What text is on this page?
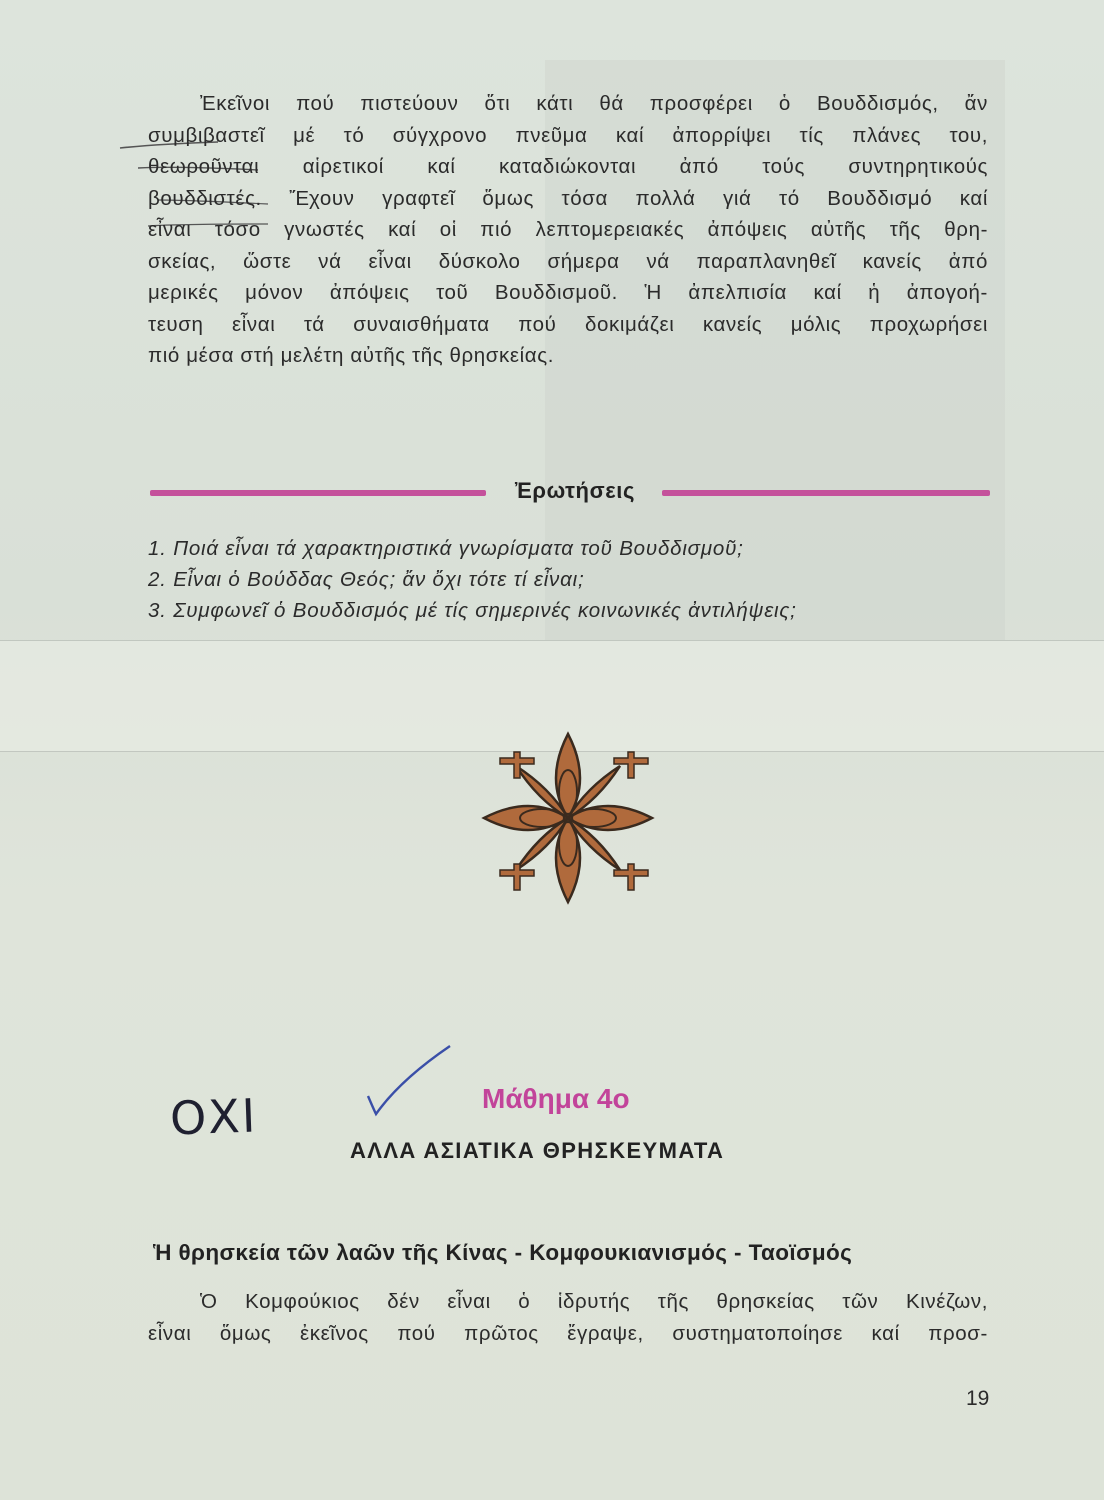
Ἐκεῖνοι πού πιστεύουν ὅτι κάτι θά προσφέρει ὁ Βουδδισμός, ἄν
συμβιβαστεῖ μέ τό σύγχρονο πνεῦμα καί ἀπορρίψει τίς πλάνες του,
θεωροῦνται αἱρετικοί καί καταδιώκονται ἀπό τούς συντηρητικούς
βουδδιστές. Ἔχουν γραφτεῖ ὅμως τόσα πολλά γιά τό Βουδδισμό καί
εἶναι τόσο γνωστές καί οἱ πιό λεπτομερειακές ἀπόψεις αὐτῆς τῆς θρη-
σκείας, ὥστε νά εἶναι δύσκολο σήμερα νά παραπλανηθεῖ κανείς ἀπό
μερικές μόνον ἀπόψεις τοῦ Βουδδισμοῦ. Ἡ ἀπελπισία καί ἡ ἀπογοή-
τευση εἶναι τά συναισθήματα πού δοκιμάζει κανείς μόλις προχωρήσει
πιό μέσα στή μελέτη αὐτῆς τῆς θρησκείας.

Ἐρωτήσεις
1. Ποιά εἶναι τά χαρακτηριστικά γνωρίσματα τοῦ Βουδδισμοῦ;
2. Εἶναι ὁ Βούδδας Θεός; ἄν ὄχι τότε τί εἶναι;
3. Συμφωνεῖ ὁ Βουδδισμός μέ τίς σημερινές κοινωνικές ἀντιλήψεις;
ΟΧΙ	Μάθημα 4ο
ΑΛΛΑ ΑΣΙΑΤΙΚΑ ΘΡΗΣΚΕΥΜΑΤΑ
Ἡ θρησκεία τῶν λαῶν τῆς Κίνας - Κομφουκιανισμός - Ταοϊσμός

Ὁ Κομφούκιος δέν εἶναι ὁ ἱδρυτής τῆς θρησκείας τῶν Κινέζων,
εἶναι ὅμως ἐκεῖνος πού πρῶτος ἔγραψε, συστηματοποίησε καί προσ-

19
